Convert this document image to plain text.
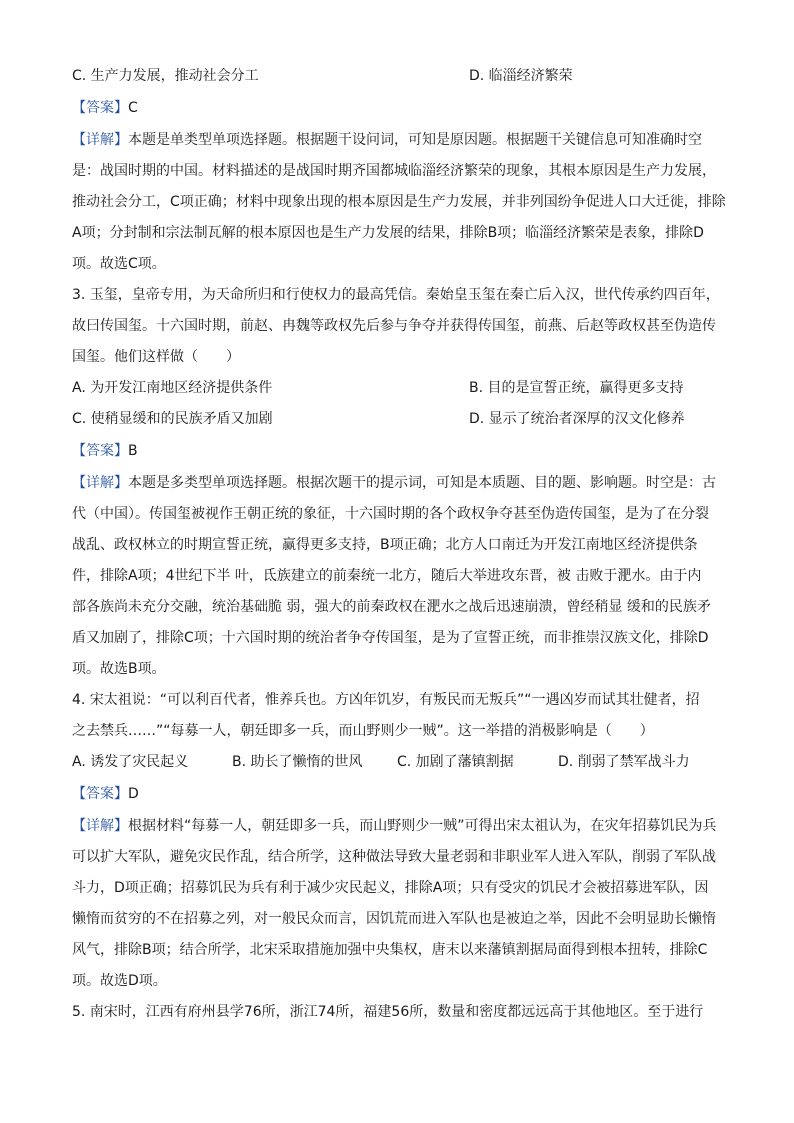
C. 生产力发展，推动社会分工	D. 临淄经济繁荣
【答案】C
【详解】本题是单类型单项选择题。根据题干设问词，可知是原因题。根据题干关键信息可知准确时空
是：战国时期的中国。材料描述的是战国时期齐国都城临淄经济繁荣的现象，其根本原因是生产力发展，
推动社会分工，C项正确；材料中现象出现的根本原因是生产力发展，并非列国纷争促进人口大迁徙，排除
A项；分封制和宗法制瓦解的根本原因也是生产力发展的结果，排除B项；临淄经济繁荣是表象，排除D
项。故选C项。
3. 玉玺，皇帝专用，为天命所归和行使权力的最高凭信。秦始皇玉玺在秦亡后入汉，世代传承约四百年，
故曰传国玺。十六国时期，前赵、冉魏等政权先后参与争夺并获得传国玺，前燕、后赵等政权甚至伪造传
国玺。他们这样做（　　）
A. 为开发江南地区经济提供条件	B. 目的是宣誓正统，赢得更多支持
C. 使稍显缓和的民族矛盾又加剧	D. 显示了统治者深厚的汉文化修养
【答案】B
【详解】本题是多类型单项选择题。根据次题干的提示词，可知是本质题、目的题、影响题。时空是：古
代（中国）。传国玺被视作王朝正统的象征，十六国时期的各个政权争夺甚至伪造传国玺，是为了在分裂
战乱、政权林立的时期宣誓正统，赢得更多支持，B项正确；北方人口南迁为开发江南地区经济提供条
件，排除A项；4世纪下半 叶，氐族建立的前秦统一北方，随后大举进攻东晋，被 击败于淝水。由于内
部各族尚未充分交融，统治基础脆 弱，强大的前秦政权在淝水之战后迅速崩溃，曾经稍显 缓和的民族矛
盾又加剧了，排除C项；十六国时期的统治者争夺传国玺，是为了宣誓正统，而非推崇汉族文化，排除D
项。故选B项。
4. 宋太祖说：“可以利百代者，惟养兵也。方凶年饥岁，有叛民而无叛兵”“一遇凶岁而试其壮健者，招
之去禁兵……”“每募一人，朝廷即多一兵，而山野则少一贼”。这一举措的消极影响是（　　）
A. 诱发了灾民起义	B. 助长了懒惰的世风 C. 加剧了藩镇割据	D. 削弱了禁军战斗力
【答案】D
【详解】根据材料“每募一人，朝廷即多一兵，而山野则少一贼”可得出宋太祖认为，在灾年招募饥民为兵
可以扩大军队，避免灾民作乱，结合所学，这种做法导致大量老弱和非职业军人进入军队，削弱了军队战
斗力，D项正确；招募饥民为兵有利于减少灾民起义，排除A项；只有受灾的饥民才会被招募进军队，因
懒惰而贫穷的不在招募之列，对一般民众而言，因饥荒而进入军队也是被迫之举，因此不会明显助长懒惰
风气，排除B项；结合所学，北宋采取措施加强中央集权，唐末以来藩镇割据局面得到根本扭转，排除C
项。故选D项。
5. 南宋时，江西有府州县学76所，浙江74所，福建56所，数量和密度都远远高于其他地区。至于进行
